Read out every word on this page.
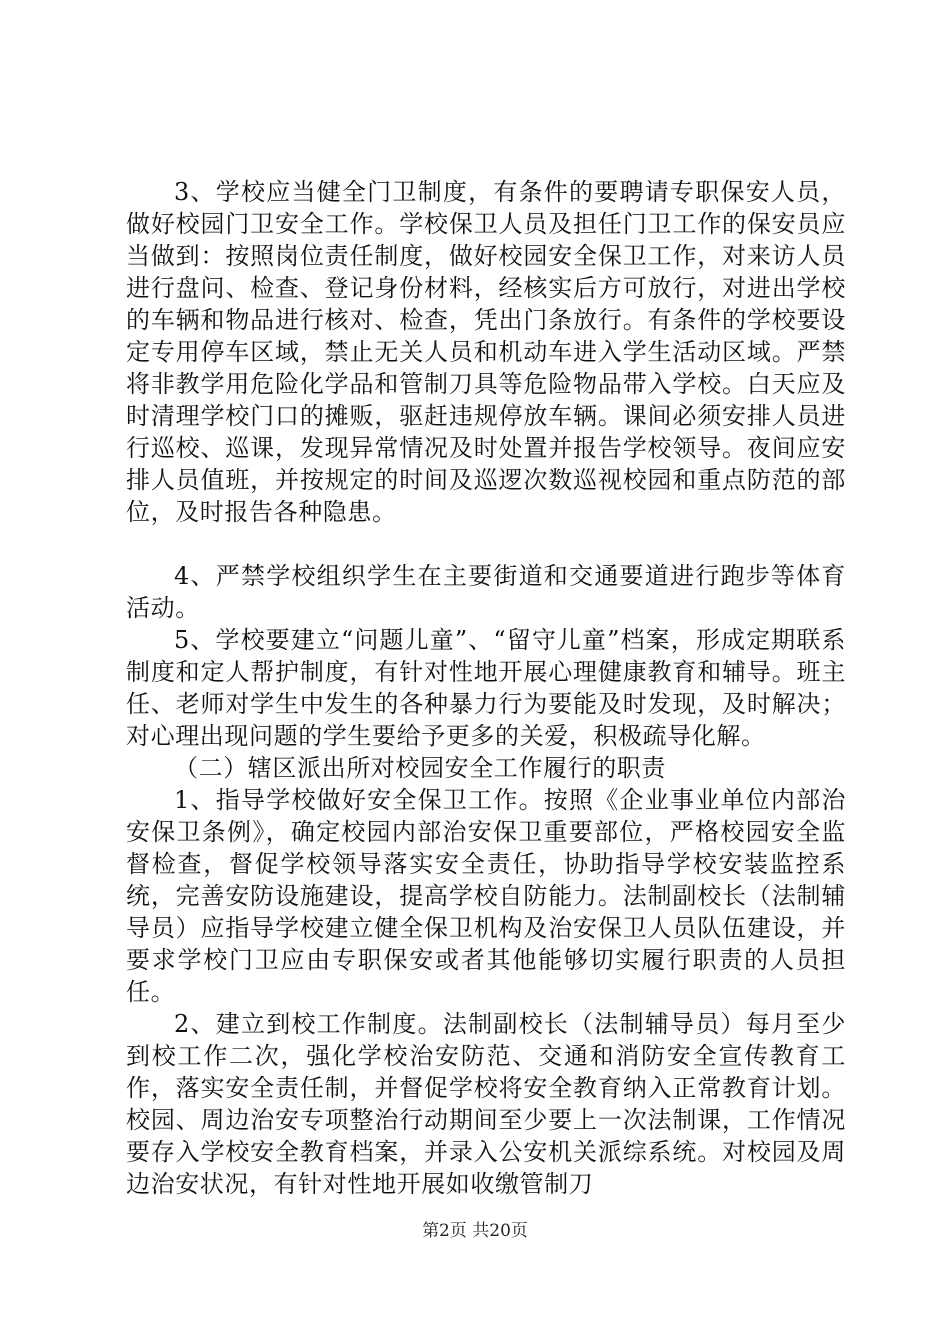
3、学校应当健全门卫制度，有条件的要聘请专职保安人员，做好校园门卫安全工作。学校保卫人员及担任门卫工作的保安员应当做到：按照岗位责任制度，做好校园安全保卫工作，对来访人员进行盘问、检查、登记身份材料，经核实后方可放行，对进出学校的车辆和物品进行核对、检查，凭出门条放行。有条件的学校要设定专用停车区域，禁止无关人员和机动车进入学生活动区域。严禁将非教学用危险化学品和管制刀具等危险物品带入学校。白天应及时清理学校门口的摊贩，驱赶违规停放车辆。课间必须安排人员进行巡校、巡课，发现异常情况及时处置并报告学校领导。夜间应安排人员值班，并按规定的时间及巡逻次数巡视校园和重点防范的部位，及时报告各种隐患。

4、严禁学校组织学生在主要街道和交通要道进行跑步等体育活动。

5、学校要建立“问题儿童”、“留守儿童”档案，形成定期联系制度和定人帮护制度，有针对性地开展心理健康教育和辅导。班主任、老师对学生中发生的各种暴力行为要能及时发现，及时解决；对心理出现问题的学生要给予更多的关爱，积极疏导化解。

（二）辖区派出所对校园安全工作履行的职责

1、指导学校做好安全保卫工作。按照《企业事业单位内部治安保卫条例》，确定校园内部治安保卫重要部位，严格校园安全监督检查，督促学校领导落实安全责任，协助指导学校安装监控系统，完善安防设施建设，提高学校自防能力。法制副校长（法制辅导员）应指导学校建立健全保卫机构及治安保卫人员队伍建设，并要求学校门卫应由专职保安或者其他能够切实履行职责的人员担任。

2、建立到校工作制度。法制副校长（法制辅导员）每月至少到校工作二次，强化学校治安防范、交通和消防安全宣传教育工作，落实安全责任制，并督促学校将安全教育纳入正常教育计划。校园、周边治安专项整治行动期间至少要上一次法制课，工作情况要存入学校安全教育档案，并录入公安机关派综系统。对校园及周边治安状况，有针对性地开展如收缴管制刀

第2页 共20页
